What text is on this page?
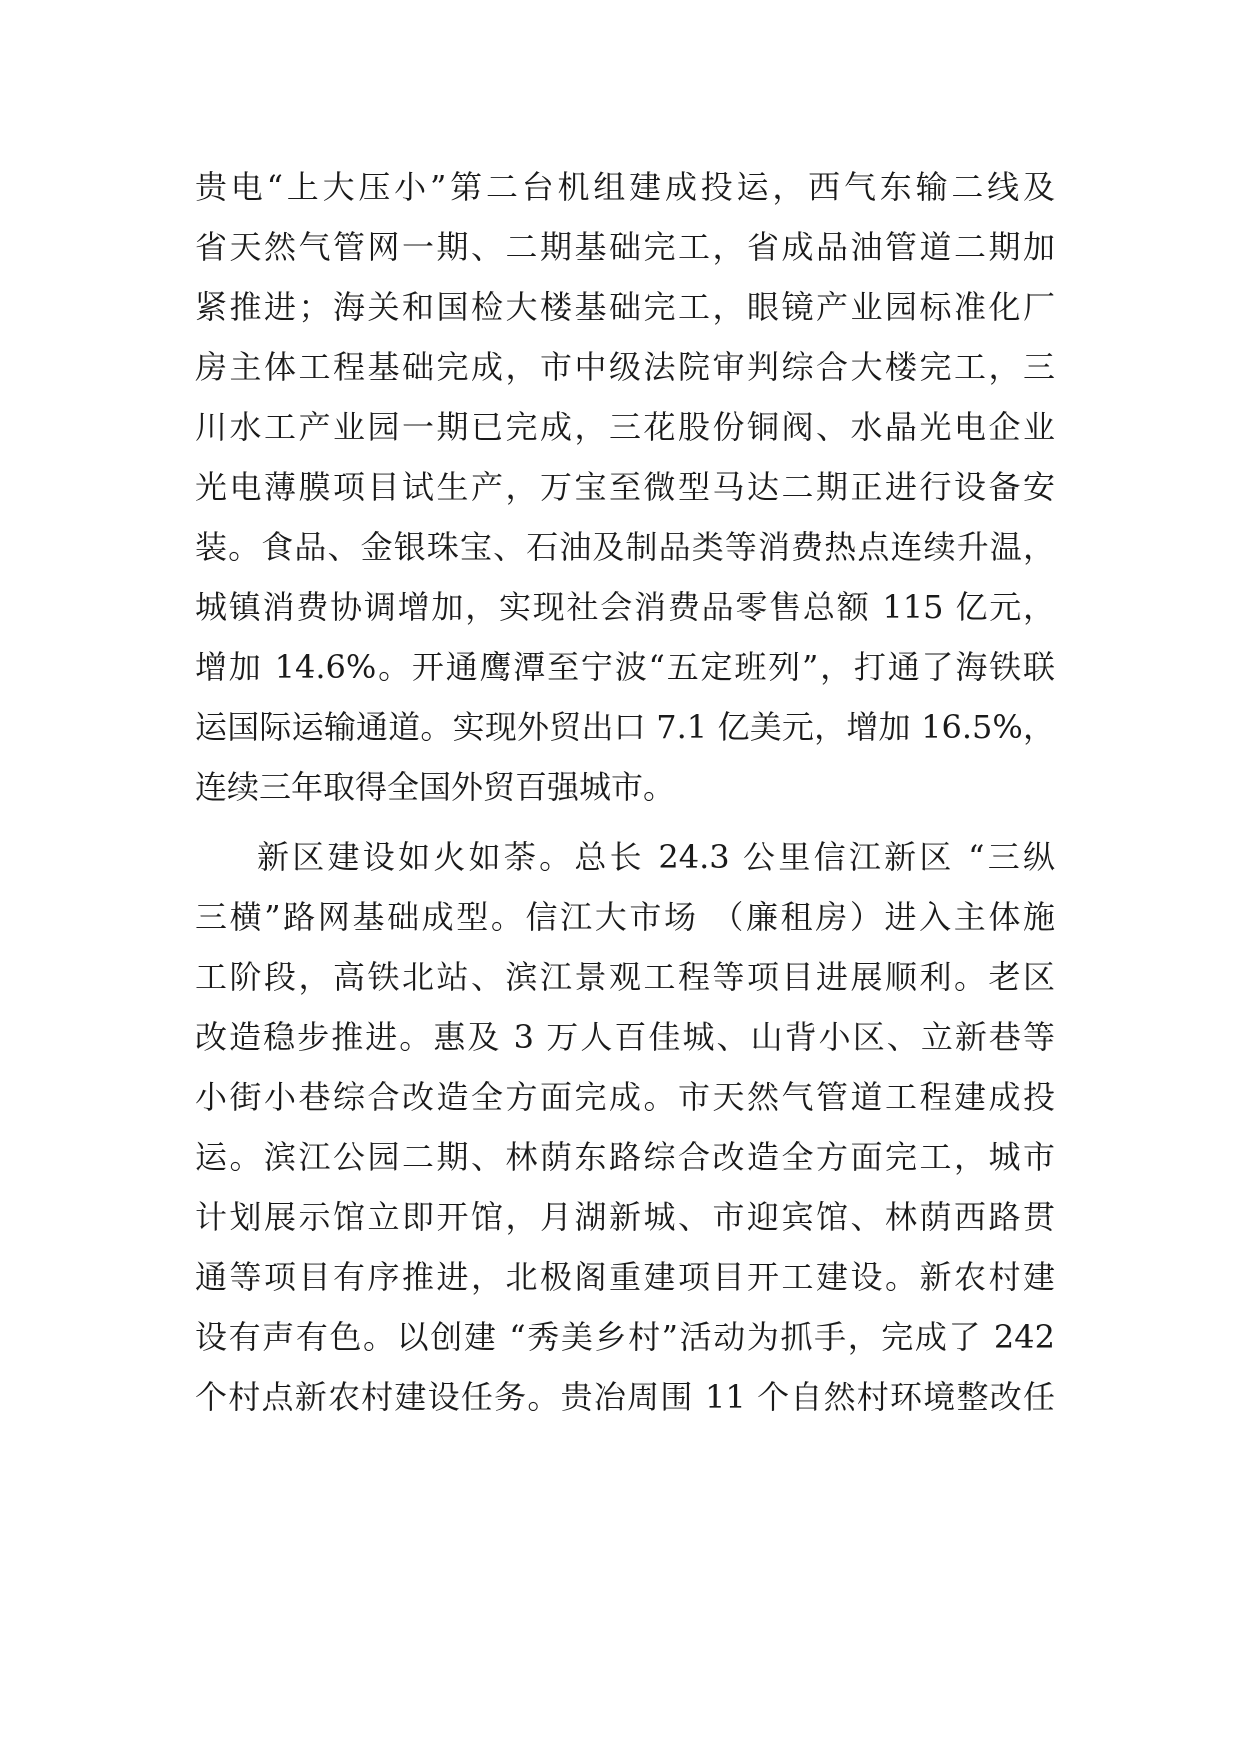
贵电“上大压小”第二台机组建成投运，西气东输二线及
省天然气管网一期、二期基础完工，省成品油管道二期加
紧推进；海关和国检大楼基础完工，眼镜产业园标准化厂
房主体工程基础完成，市中级法院审判综合大楼完工，三
川水工产业园一期已完成，三花股份铜阀、水晶光电企业
光电薄膜项目试生产，万宝至微型马达二期正进行设备安
装。食品、金银珠宝、石油及制品类等消费热点连续升温，
城镇消费协调增加，实现社会消费品零售总额 115 亿元，
增加 14.6%。开通鹰潭至宁波“五定班列”，打通了海铁联
运国际运输通道。实现外贸出口 7.1 亿美元，增加 16.5%，
连续三年取得全国外贸百强城市。
新区建设如火如荼。总长 24.3 公里信江新区 “三纵
三横”路网基础成型。信江大市场 （廉租房）进入主体施
工阶段，高铁北站、滨江景观工程等项目进展顺利。老区
改造稳步推进。惠及 3 万人百佳城、山背小区、立新巷等
小街小巷综合改造全方面完成。市天然气管道工程建成投
运。滨江公园二期、林荫东路综合改造全方面完工，城市
计划展示馆立即开馆，月湖新城、市迎宾馆、林荫西路贯
通等项目有序推进，北极阁重建项目开工建设。新农村建
设有声有色。以创建 “秀美乡村”活动为抓手，完成了 242
个村点新农村建设任务。贵冶周围 11 个自然村环境整改任
